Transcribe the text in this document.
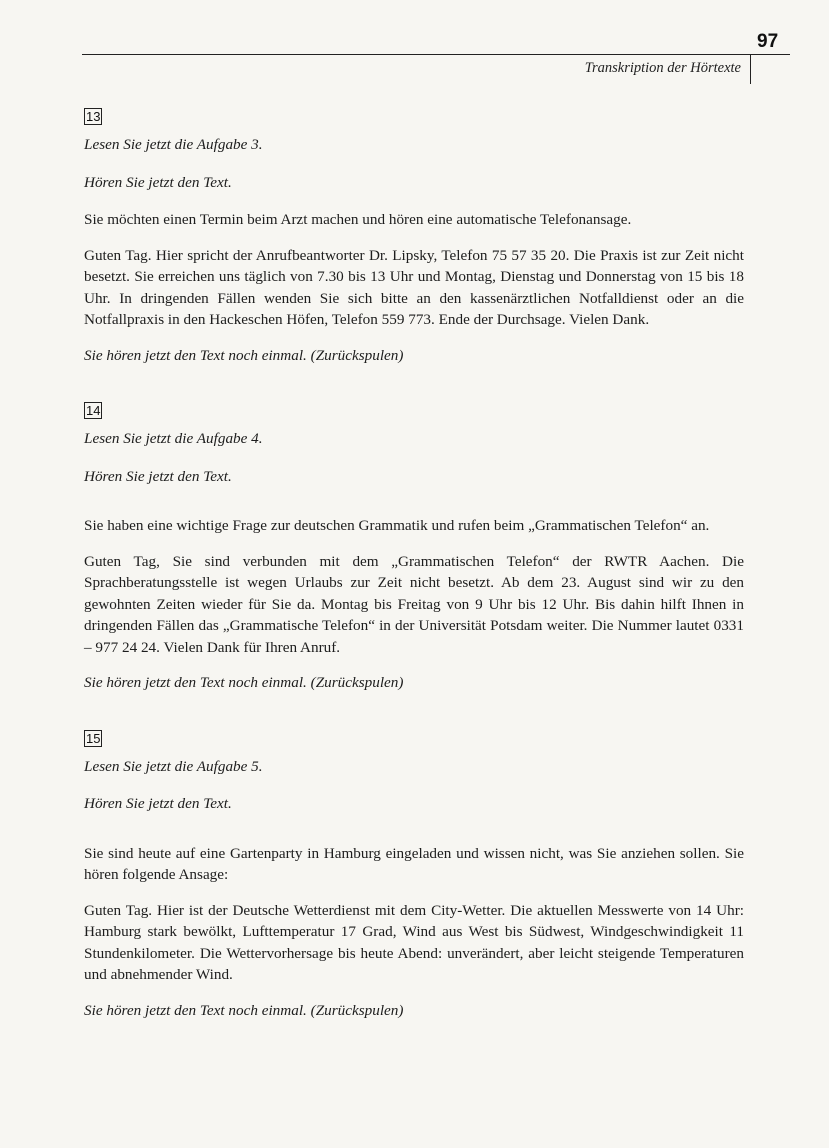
97
Transkription der Hörtexte
13

Lesen Sie jetzt die Aufgabe 3.

Hören Sie jetzt den Text.

Sie möchten einen Termin beim Arzt machen und hören eine automatische Telefonansage.

Guten Tag. Hier spricht der Anrufbeantworter Dr. Lipsky, Telefon 75 57 35 20. Die Praxis ist zur Zeit nicht besetzt. Sie erreichen uns täglich von 7.30 bis 13 Uhr und Montag, Dienstag und Donnerstag von 15 bis 18 Uhr. In dringenden Fällen wenden Sie sich bitte an den kassenärztlichen Notfalldienst oder an die Notfallpraxis in den Hackeschen Höfen, Telefon 559 773. Ende der Durchsage. Vielen Dank.

Sie hören jetzt den Text noch einmal. (Zurückspulen)

14

Lesen Sie jetzt die Aufgabe 4.

Hören Sie jetzt den Text.

Sie haben eine wichtige Frage zur deutschen Grammatik und rufen beim „Grammatischen Telefon“ an.

Guten Tag, Sie sind verbunden mit dem „Grammatischen Telefon“ der RWTR Aachen. Die Sprachberatungsstelle ist wegen Urlaubs zur Zeit nicht besetzt. Ab dem 23. August sind wir zu den gewohnten Zeiten wieder für Sie da. Montag bis Freitag von 9 Uhr bis 12 Uhr. Bis dahin hilft Ihnen in dringenden Fällen das „Grammatische Telefon“ in der Universität Potsdam weiter. Die Nummer lautet 0331 – 977 24 24. Vielen Dank für Ihren Anruf.

Sie hören jetzt den Text noch einmal. (Zurückspulen)

15

Lesen Sie jetzt die Aufgabe 5.

Hören Sie jetzt den Text.

Sie sind heute auf eine Gartenparty in Hamburg eingeladen und wissen nicht, was Sie anziehen sollen. Sie hören folgende Ansage:

Guten Tag. Hier ist der Deutsche Wetterdienst mit dem City-Wetter. Die aktuellen Messwerte von 14 Uhr: Hamburg stark bewölkt, Lufttemperatur 17 Grad, Wind aus West bis Südwest, Windgeschwindigkeit 11 Stundenkilometer. Die Wettervorhersage bis heute Abend: unverändert, aber leicht steigende Temperaturen und abnehmender Wind.

Sie hören jetzt den Text noch einmal. (Zurückspulen)
